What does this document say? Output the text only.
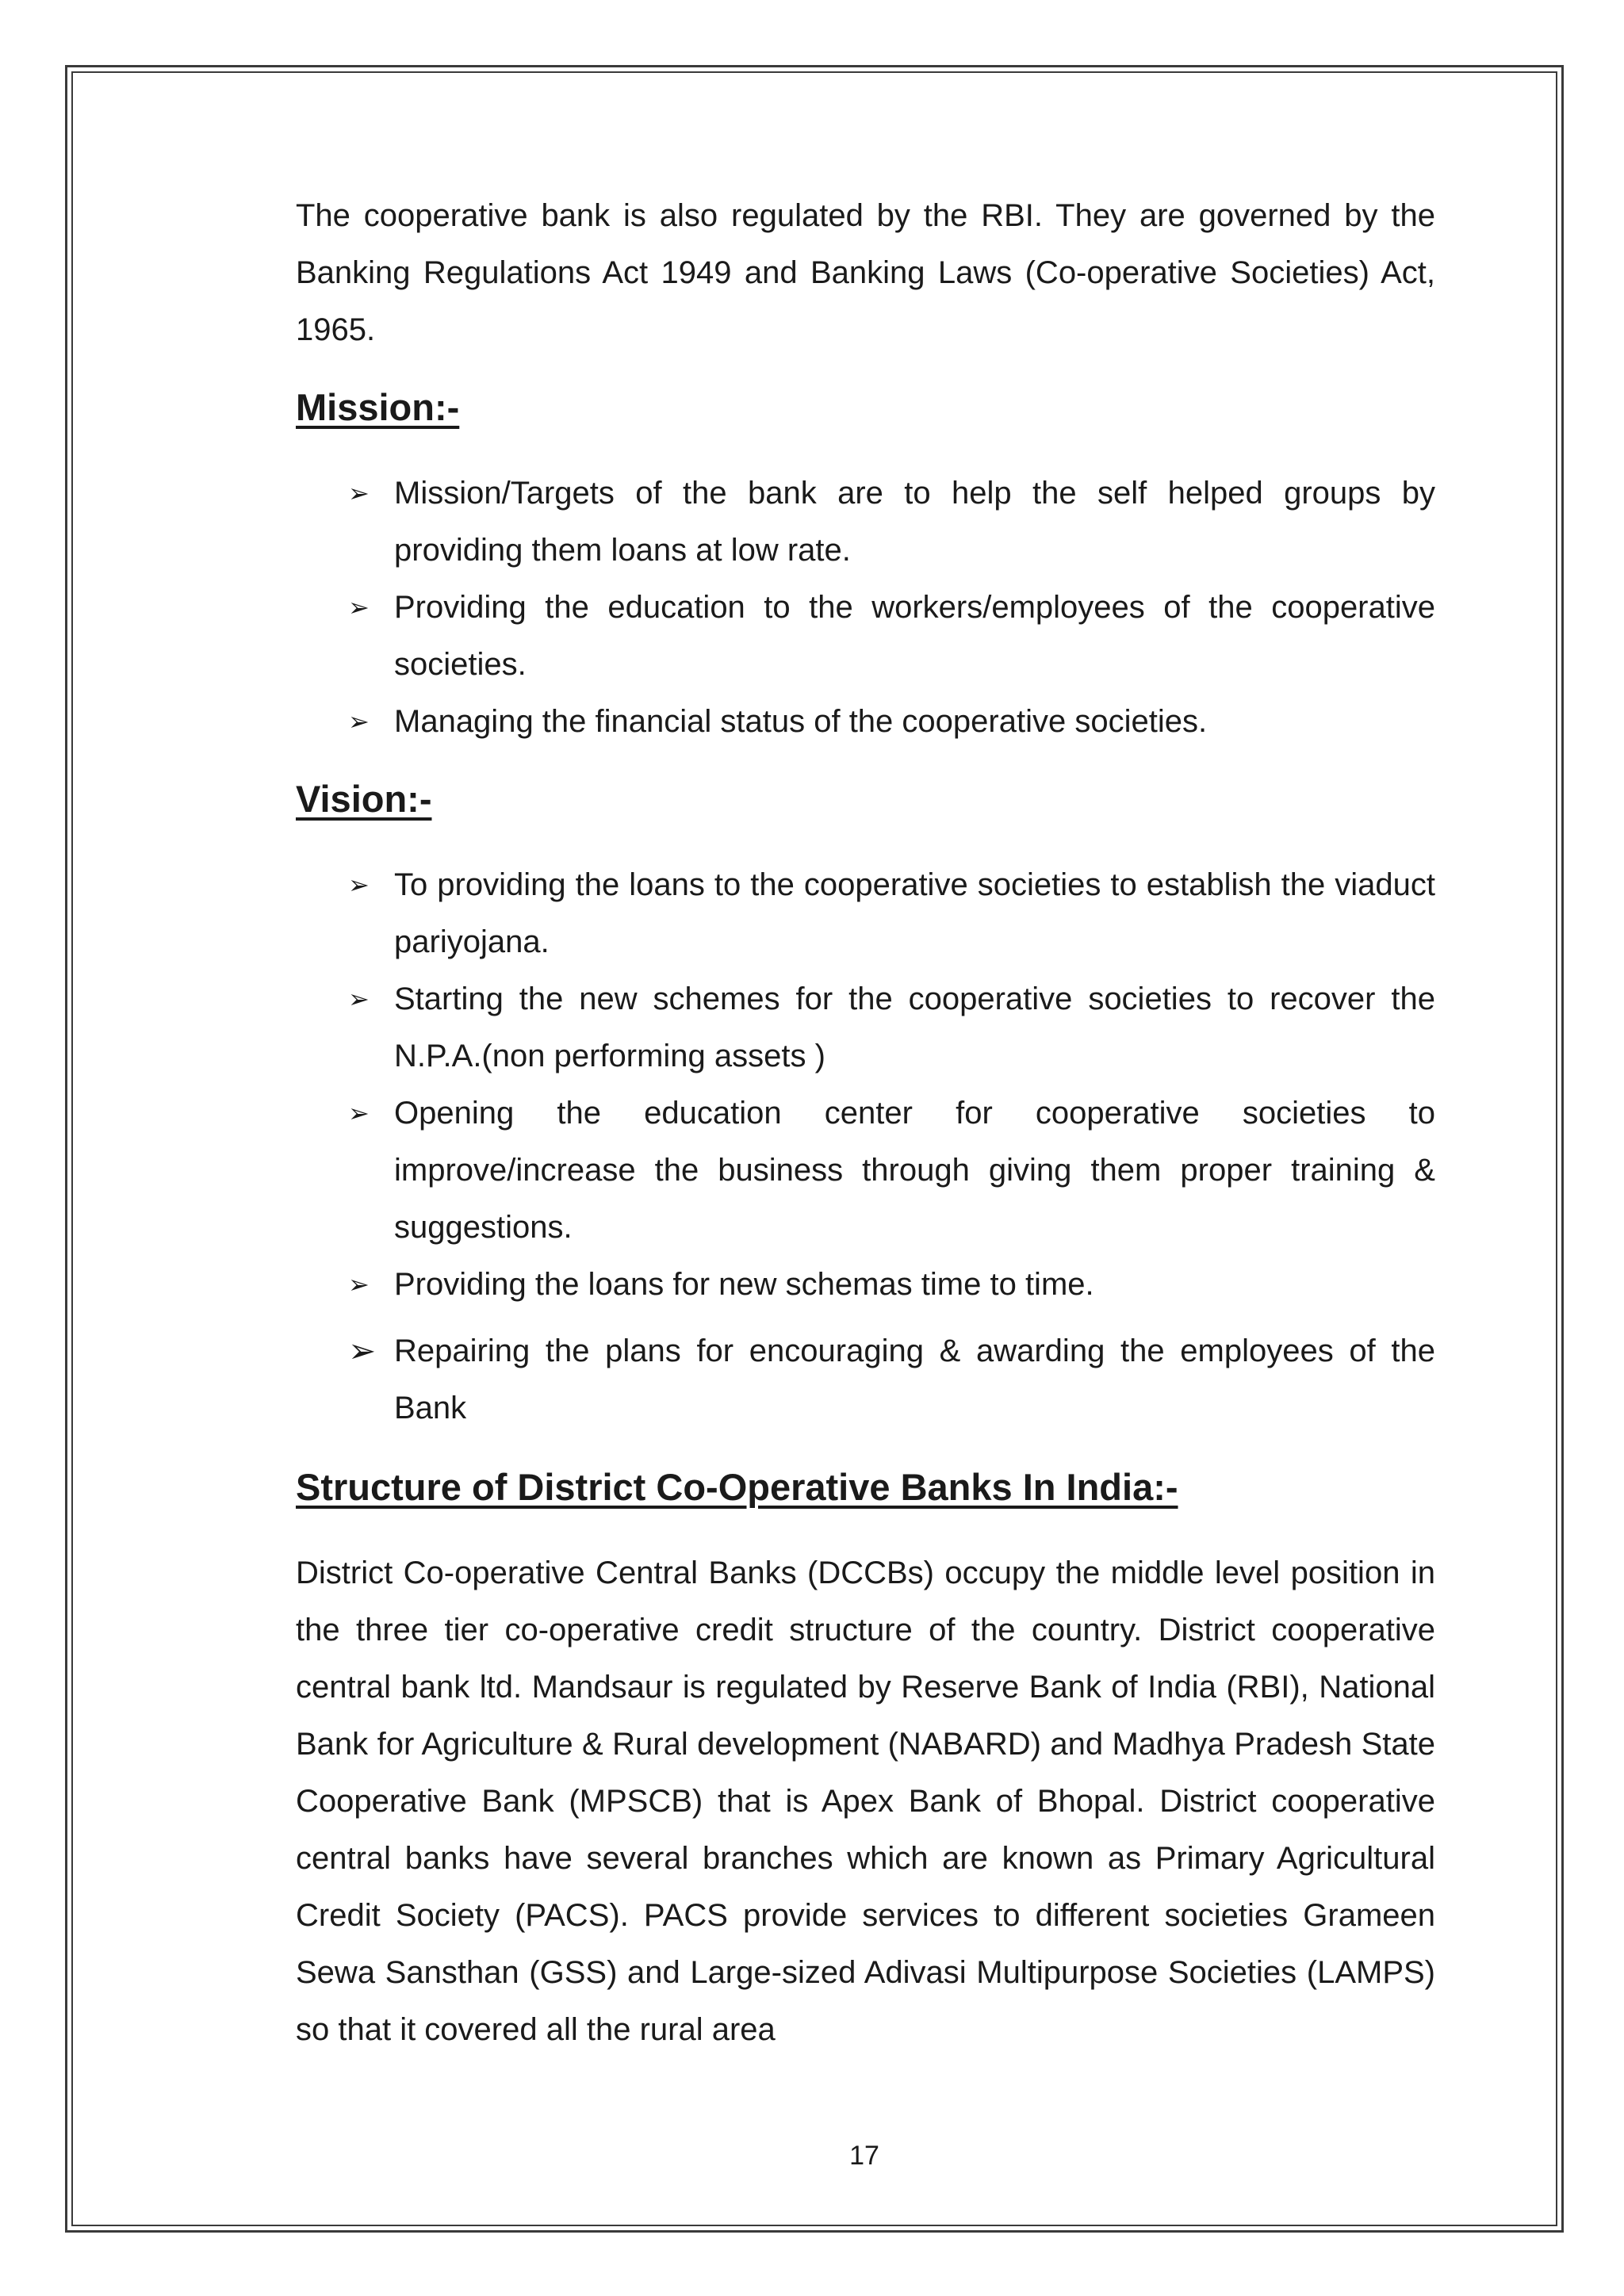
The cooperative bank is also regulated by the RBI. They are governed by the Banking Regulations Act 1949 and Banking Laws (Co-operative Societies) Act, 1965.

Mission:-
➢ Mission/Targets of the bank are to help the self helped groups by providing them loans at low rate.
➢ Providing the education to the workers/employees of the cooperative societies.
➢ Managing the financial status of the cooperative societies.
Vision:-
➢ To providing the loans to the cooperative societies to establish the viaduct pariyojana.
➢ Starting the new schemes for the cooperative societies to recover the N.P.A.(non performing assets )
➢ Opening the education center for cooperative societies to improve/increase the business through giving them proper training & suggestions.
➢ Providing the loans for new schemas time to time.
➢ Repairing the plans for encouraging & awarding the employees of the Bank
Structure of District Co-Operative Banks In India:-

District Co-operative Central Banks (DCCBs) occupy the middle level position in the three tier co-operative credit structure of the country. District cooperative central bank ltd. Mandsaur is regulated by Reserve Bank of India (RBI), National Bank for Agriculture & Rural development (NABARD) and Madhya Pradesh State Cooperative Bank (MPSCB) that is Apex Bank of Bhopal. District cooperative central banks have several branches which are known as Primary Agricultural Credit Society (PACS). PACS provide services to different societies Grameen Sewa Sansthan (GSS) and Large-sized Adivasi Multipurpose Societies (LAMPS) so that it covered all the rural area

17
